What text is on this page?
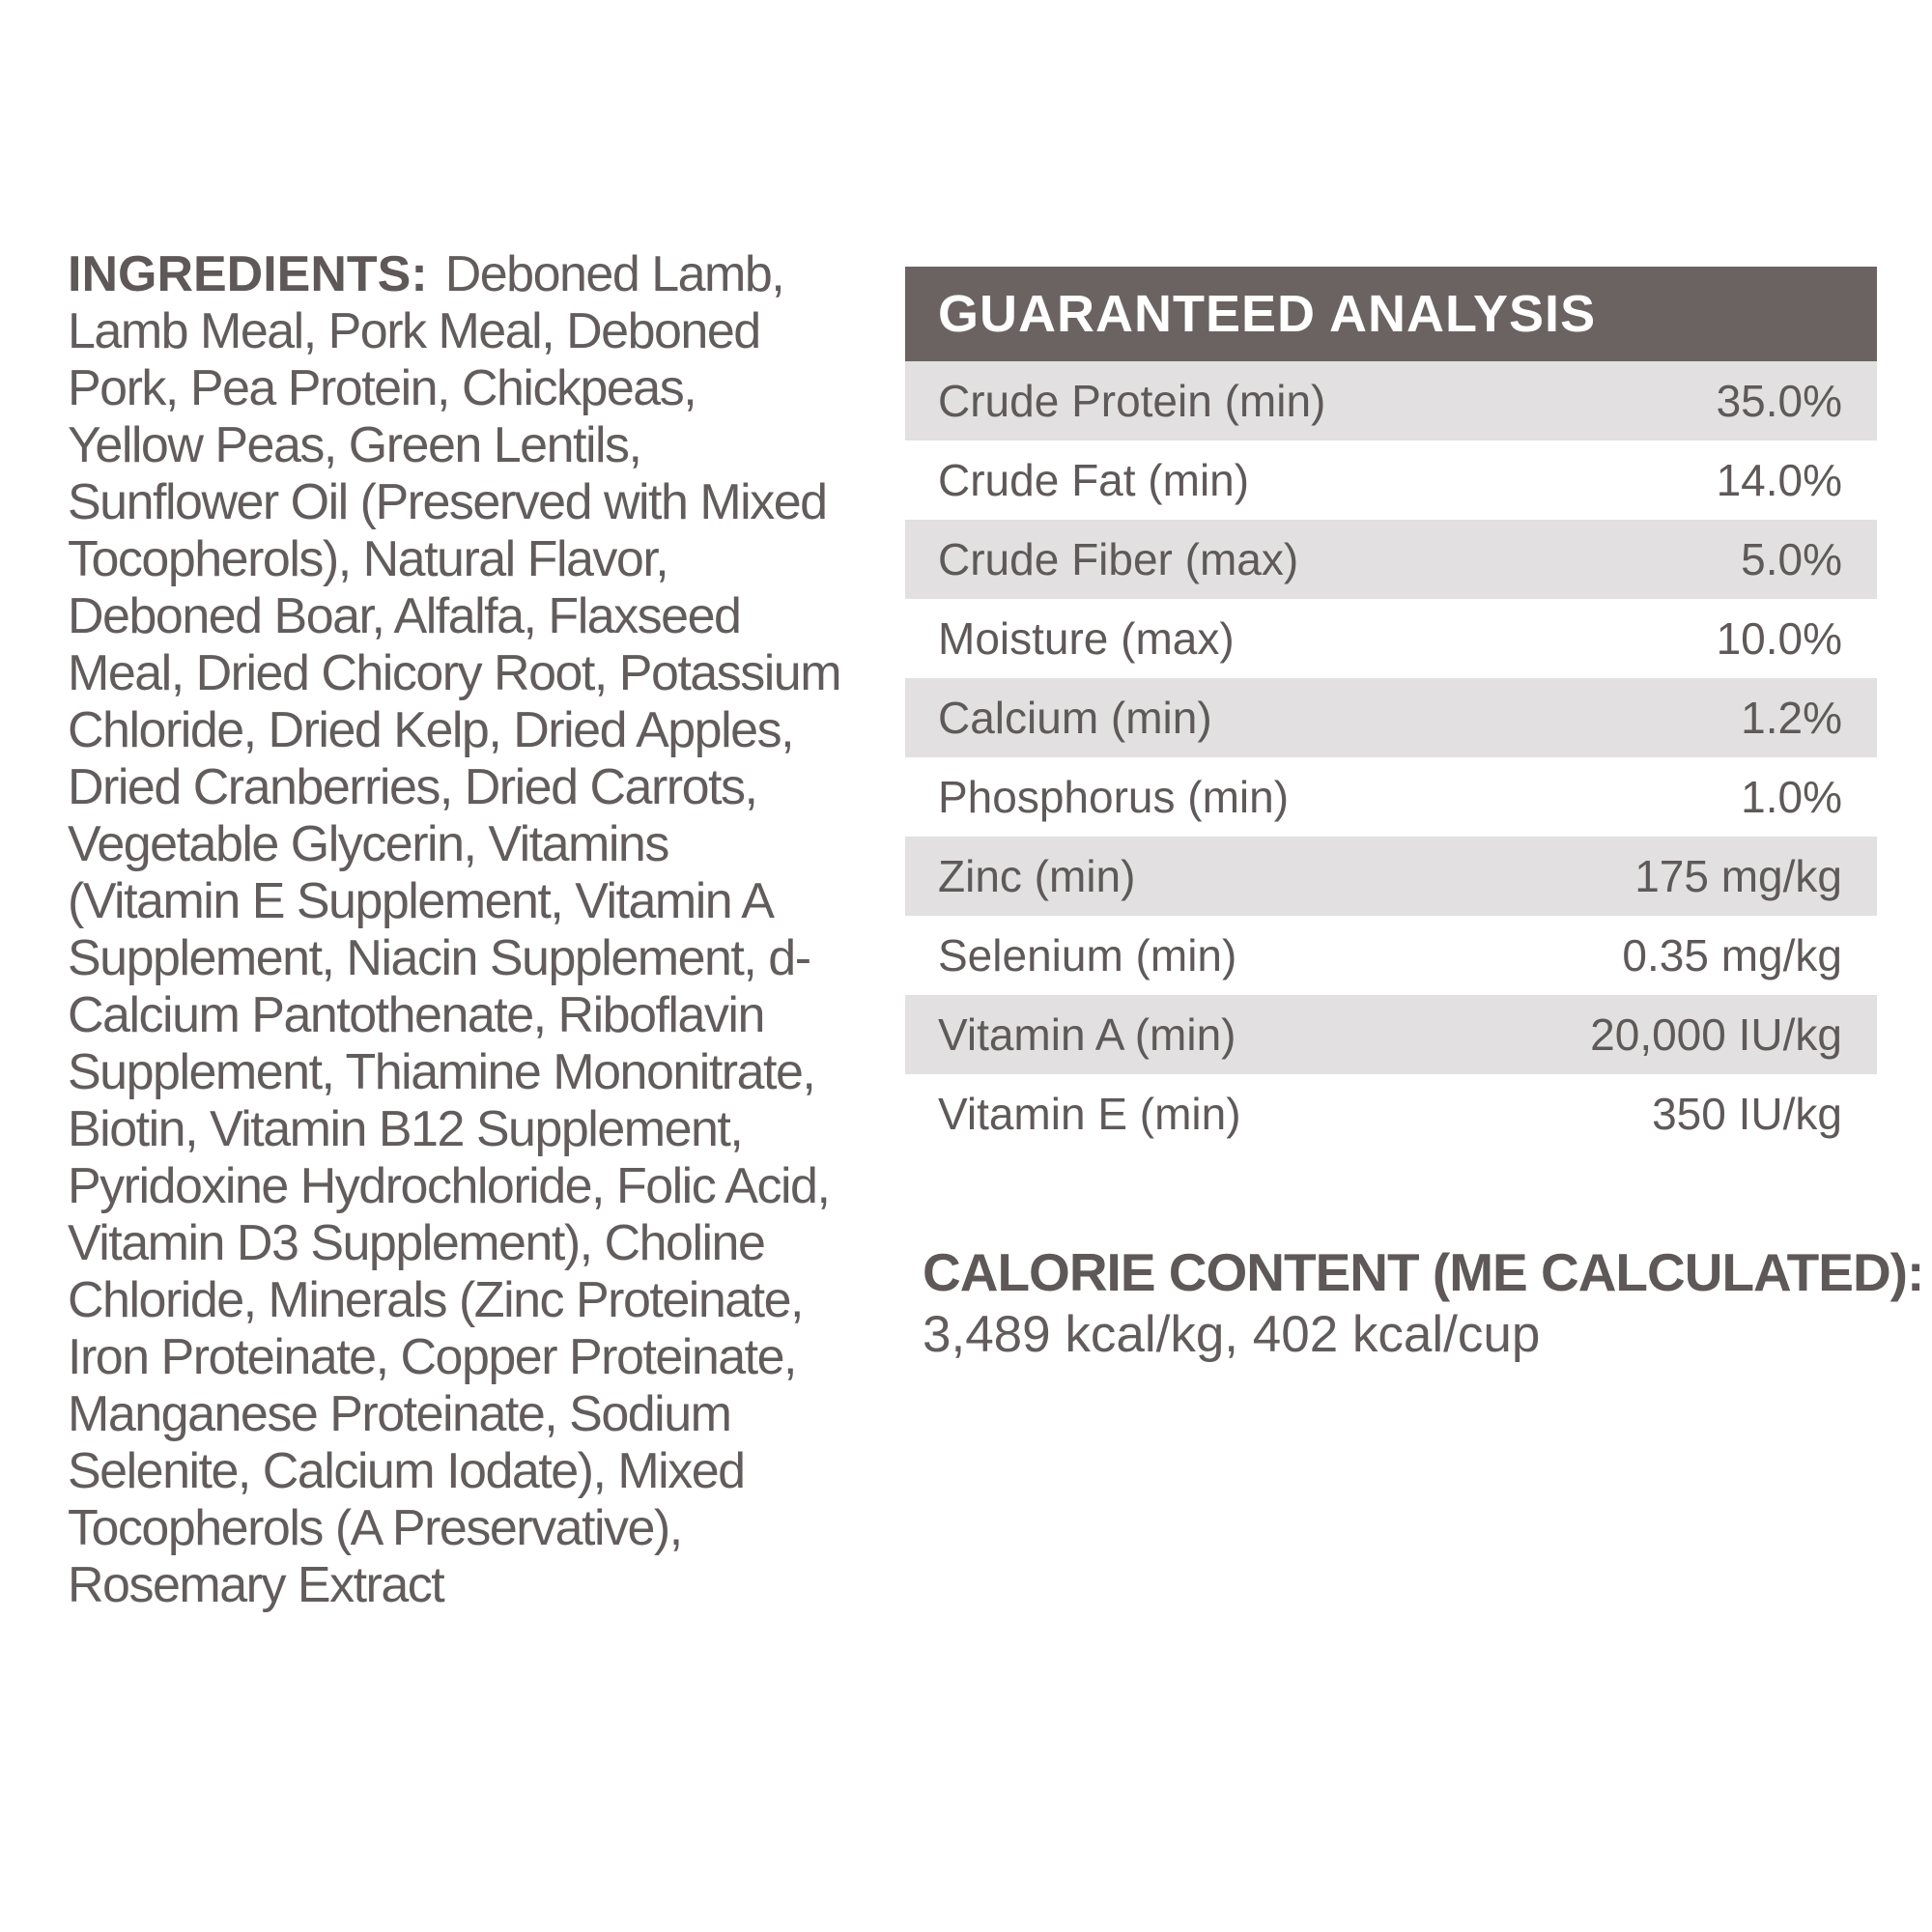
INGREDIENTS: Deboned Lamb, Lamb Meal, Pork Meal, Deboned Pork, Pea Protein, Chickpeas, Yellow Peas, Green Lentils, Sunflower Oil (Preserved with Mixed Tocopherols), Natural Flavor, Deboned Boar, Alfalfa, Flaxseed Meal, Dried Chicory Root, Potassium Chloride, Dried Kelp, Dried Apples, Dried Cranberries, Dried Carrots, Vegetable Glycerin, Vitamins (Vitamin E Supplement, Vitamin A Supplement, Niacin Supplement, d-Calcium Pantothenate, Riboflavin Supplement, Thiamine Mononitrate, Biotin, Vitamin B12 Supplement, Pyridoxine Hydrochloride, Folic Acid, Vitamin D3 Supplement), Choline Chloride, Minerals (Zinc Proteinate, Iron Proteinate, Copper Proteinate, Manganese Proteinate, Sodium Selenite, Calcium Iodate), Mixed Tocopherols (A Preservative), Rosemary Extract
GUARANTEED ANALYSIS
Crude Protein (min)	35.0%
Crude Fat (min)	14.0%
Crude Fiber (max)	5.0%
Moisture (max)	10.0%
Calcium (min)	1.2%
Phosphorus (min)	1.0%
Zinc (min)	175 mg/kg
Selenium (min)	0.35 mg/kg
Vitamin A (min)	20,000 IU/kg
Vitamin E (min)	350 IU/kg
CALORIE CONTENT (ME CALCULATED):
3,489 kcal/kg, 402 kcal/cup
